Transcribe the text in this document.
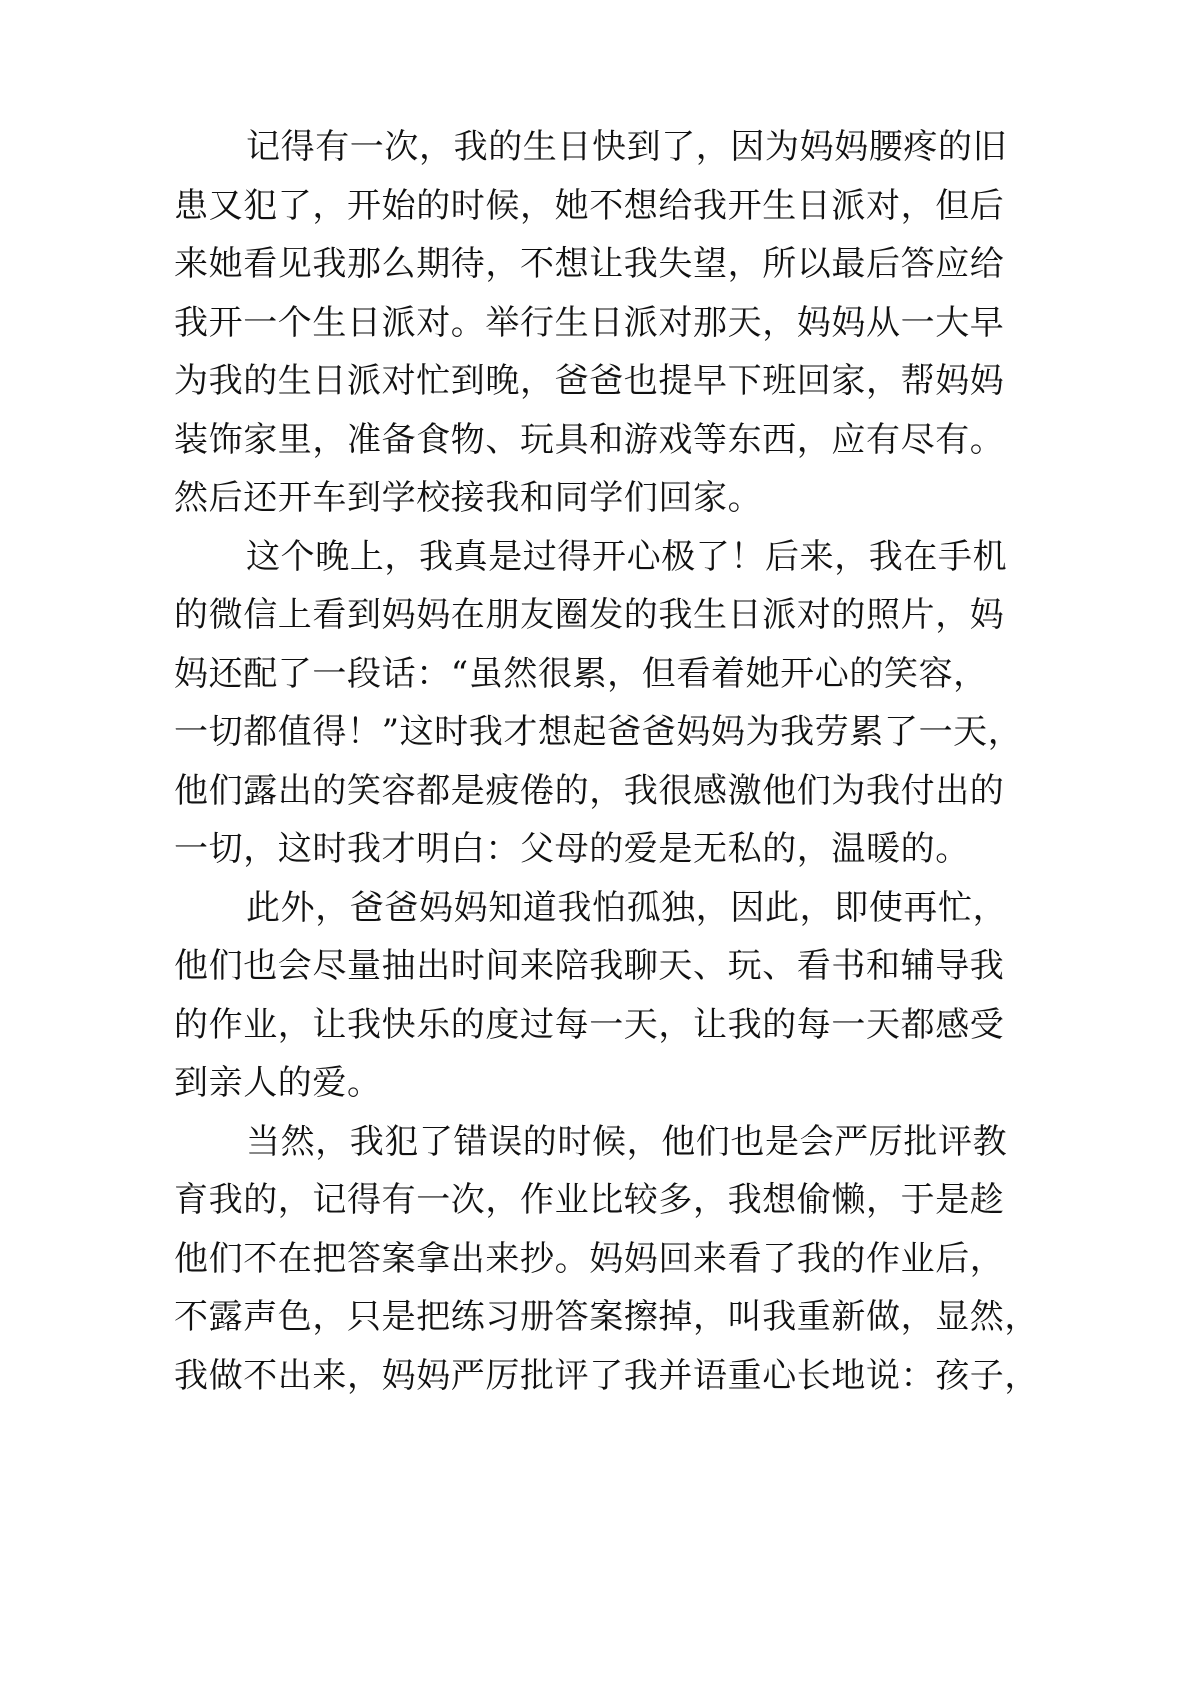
记得有一次，我的生日快到了，因为妈妈腰疼的旧
患又犯了，开始的时候，她不想给我开生日派对，但后
来她看见我那么期待，不想让我失望，所以最后答应给
我开一个生日派对。举行生日派对那天，妈妈从一大早
为我的生日派对忙到晚，爸爸也提早下班回家，帮妈妈
装饰家里，准备食物、玩具和游戏等东西，应有尽有。
然后还开车到学校接我和同学们回家。

这个晚上，我真是过得开心极了！后来，我在手机
的微信上看到妈妈在朋友圈发的我生日派对的照片，妈
妈还配了一段话：“虽然很累，但看着她开心的笑容，
一切都值得！”这时我才想起爸爸妈妈为我劳累了一天，
他们露出的笑容都是疲倦的，我很感激他们为我付出的
一切，这时我才明白：父母的爱是无私的，温暖的。

此外，爸爸妈妈知道我怕孤独，因此，即使再忙，
他们也会尽量抽出时间来陪我聊天、玩、看书和辅导我
的作业，让我快乐的度过每一天，让我的每一天都感受
到亲人的爱。

当然，我犯了错误的时候，他们也是会严厉批评教
育我的，记得有一次，作业比较多，我想偷懒，于是趁
他们不在把答案拿出来抄。妈妈回来看了我的作业后，
不露声色，只是把练习册答案擦掉，叫我重新做，显然，
我做不出来，妈妈严厉批评了我并语重心长地说：孩子，
